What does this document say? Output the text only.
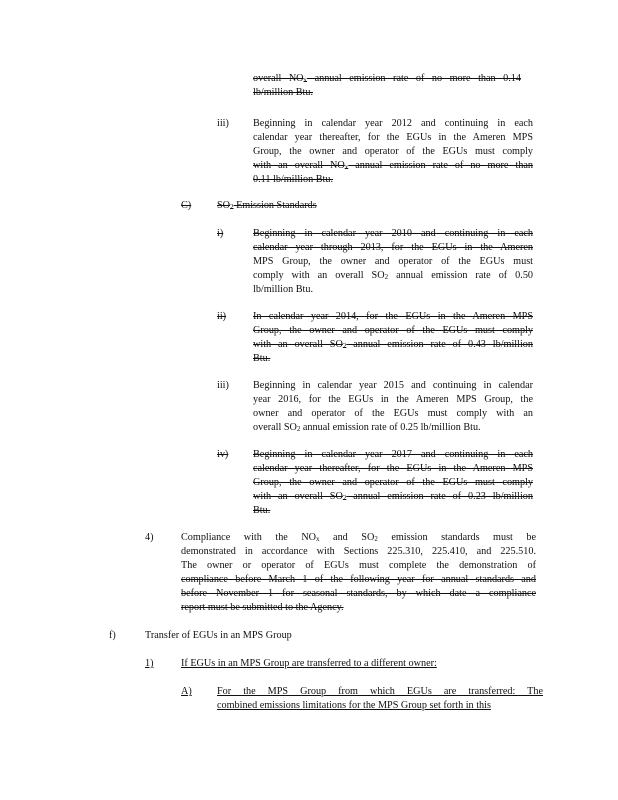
overall $NO_x$ annual emission rate of no more than 0.14
lb/million Btu.
iii) Beginning in calendar year 2012 and continuing in each
calendar year thereafter, for the EGUs in the Ameren MPS
Group, the owner and operator of the EGUs must comply
with an overall $NO_x$ annual emission rate of no more than
0.11 lb/million Btu.
C)	$SO_2$ Emission Standards
i)	Beginning in calendar year 2010 and continuing in each
calendar year through 2013, for the EGUs in the Ameren
MPS Group, the owner and operator of the EGUs must
comply with an overall $SO_2$ annual emission rate of 0.50
lb/million Btu.
ii)	In calendar year 2014, for the EGUs in the Ameren MPS
Group, the owner and operator of the EGUs must comply
with an overall $SO_2$ annual emission rate of 0.43 lb/million
Btu.
iii) Beginning in calendar year 2015 and continuing in calendar
year 2016, for the EGUs in the Ameren MPS Group, the
owner and operator of the EGUs must comply with an
overall $SO_2$ annual emission rate of 0.25 lb/million Btu.
iv) Beginning in calendar year 2017 and continuing in each
calendar year thereafter, for the EGUs in the Ameren MPS
Group, the owner and operator of the EGUs must comply
with an overall $SO_2$ annual emission rate of 0.23 lb/million
Btu.
4)	Compliance with the $NO_x$ and $SO_2$ emission standards must be
demonstrated in accordance with Sections 225.310, 225.410, and 225.510.
The owner or operator of EGUs must complete the demonstration of
compliance before March 1 of the following year for annual standards and
before November 1 for seasonal standards, by which date a compliance
report must be submitted to the Agency.
f)	Transfer of EGUs in an MPS Group
1)	If EGUs in an MPS Group are transferred to a different owner:
A) For the MPS Group from which EGUs are transferred: The
combined emissions limitations for the MPS Group set forth in this
